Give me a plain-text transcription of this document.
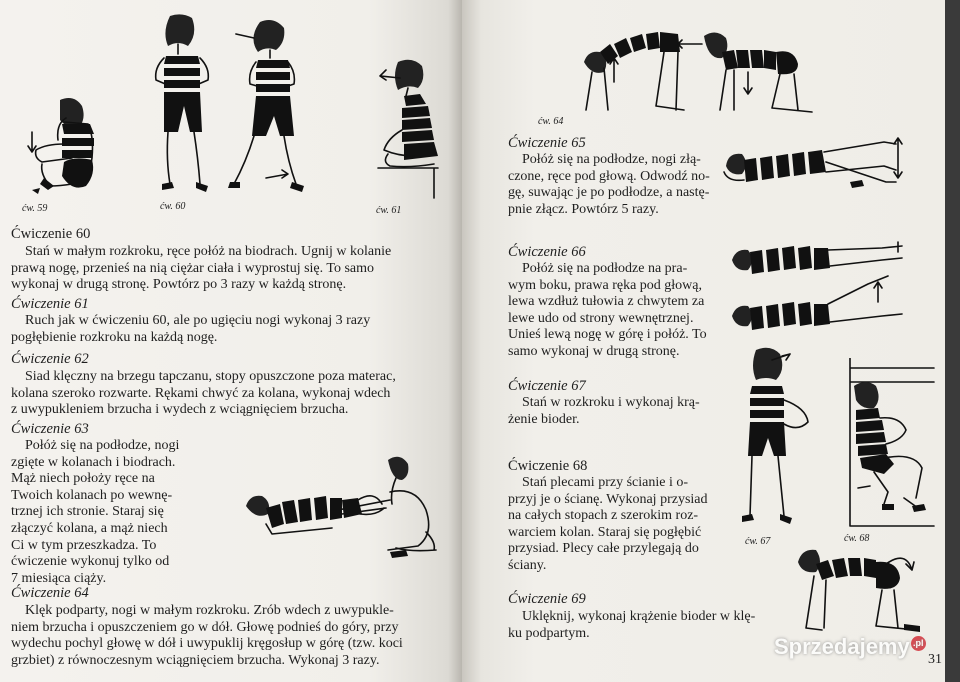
ćw. 59	ćw. 60	ćw. 61
Ćwiczenie 60
Stań w małym rozkroku, ręce połóż na biodrach. Ugnij w kolanie
prawą nogę, przenieś na nią ciężar ciała i wyprostuj się. To samo
wykonaj w drugą stronę. Powtórz po 3 razy w każdą stronę.
Ćwiczenie 61
Ruch jak w ćwiczeniu 60, ale po ugięciu nogi wykonaj 3 razy
pogłębienie rozkroku na każdą nogę.
Ćwiczenie 62
Siad klęczny na brzegu tapczanu, stopy opuszczone poza materac,
kolana szeroko rozwarte. Rękami chwyć za kolana, wykonaj wdech
z uwypukleniem brzucha i wydech z wciągnięciem brzucha.
Ćwiczenie 63
Połóż się na podłodze, nogi
zgięte w kolanach i biodrach.
Mąż niech położy ręce na
Twoich kolanach po wewnę-
trznej ich stronie. Staraj się
złączyć kolana, a mąż niech
Ci w tym przeszkadza. To
ćwiczenie wykonuj tylko od
7 miesiąca ciąży.
Ćwiczenie 64
Klęk podparty, nogi w małym rozkroku. Zrób wdech z uwypukle-
niem brzucha i opuszczeniem go w dół. Głowę podnieś do góry, przy
wydechu pochyl głowę w dół i uwypuklij kręgosłup w górę (tzw. koci
grzbiet) z równoczesnym wciągnięciem brzucha. Wykonaj 3 razy.
ćw. 64
Ćwiczenie 65
Połóż się na podłodze, nogi złą-
czone, ręce pod głową. Odwodź no-
gę, suwając je po podłodze, a nastę-
pnie złącz. Powtórz 5 razy.
Ćwiczenie 66
Połóż się na podłodze na pra-
wym boku, prawa ręka pod głową,
lewa wzdłuż tułowia z chwytem za
lewe udo od strony wewnętrznej.
Unieś lewą nogę w górę i połóż. To
samo wykonaj w drugą stronę.
Ćwiczenie 67
Stań w rozkroku i wykonaj krą-
żenie bioder.
ćw. 67	ćw. 68
Ćwiczenie 68
Stań plecami przy ścianie i o-
przyj je o ścianę. Wykonaj przysiad
na całych stopach z szerokim roz-
warciem kolan. Staraj się pogłębić
przysiad. Plecy całe przylegają do
ściany.
Ćwiczenie 69
Uklęknij, wykonaj krążenie bioder w klę-
ku podpartym.
31
Sprzedajemy .pl
